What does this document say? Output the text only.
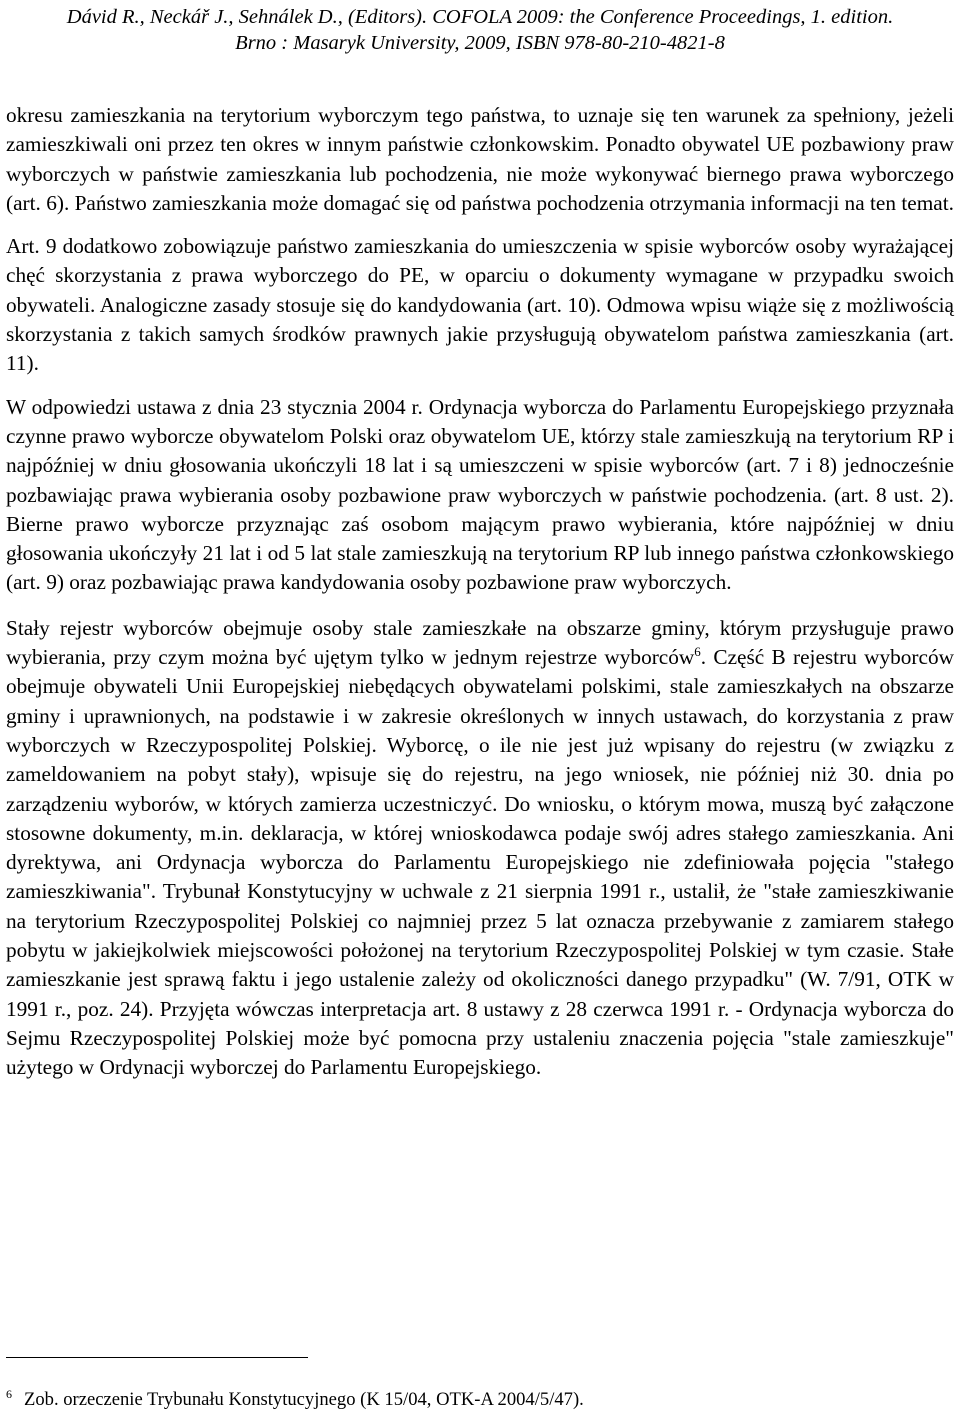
Dávid R., Neckář J., Sehnálek D., (Editors). COFOLA 2009: the Conference Proceedings, 1. edition.
Brno : Masaryk University, 2009, ISBN 978-80-210-4821-8

okresu zamieszkania na terytorium wyborczym tego państwa, to uznaje się ten warunek za spełniony, jeżeli zamieszkiwali oni przez ten okres w innym państwie członkowskim. Ponadto obywatel UE pozbawiony praw wyborczych w państwie zamieszkania lub pochodzenia, nie może wykonywać biernego prawa wyborczego (art. 6). Państwo zamieszkania może domagać się od państwa pochodzenia otrzymania informacji na ten temat.

Art. 9 dodatkowo zobowiązuje państwo zamieszkania do umieszczenia w spisie wyborców osoby wyrażającej chęć skorzystania z prawa wyborczego do PE, w oparciu o dokumenty wymagane w przypadku swoich obywateli. Analogiczne zasady stosuje się do kandydowania (art. 10). Odmowa wpisu wiąże się z możliwością skorzystania z takich samych środków prawnych jakie przysługują obywatelom państwa zamieszkania (art. 11).

W odpowiedzi ustawa z dnia 23 stycznia 2004 r. Ordynacja wyborcza do Parlamentu Europejskiego przyznała czynne prawo wyborcze obywatelom Polski oraz obywatelom UE, którzy stale zamieszkują na terytorium RP i najpóźniej w dniu głosowania ukończyli 18 lat i są umieszczeni w spisie wyborców (art. 7 i 8) jednocześnie pozbawiając prawa wybierania osoby pozbawione praw wyborczych w państwie pochodzenia. (art. 8 ust. 2). Bierne prawo wyborcze przyznając zaś osobom mającym prawo wybierania, które najpóźniej w dniu głosowania ukończyły 21 lat i od 5 lat stale zamieszkują na terytorium RP lub innego państwa członkowskiego (art. 9) oraz pozbawiając prawa kandydowania osoby pozbawione praw wyborczych.

Stały rejestr wyborców obejmuje osoby stale zamieszkałe na obszarze gminy, którym przysługuje prawo wybierania, przy czym można być ujętym tylko w jednym rejestrze wyborców$^6$. Część B rejestru wyborców obejmuje obywateli Unii Europejskiej niebędących obywatelami polskimi, stale zamieszkałych na obszarze gminy i uprawnionych, na podstawie i w zakresie określonych w innych ustawach, do korzystania z praw wyborczych w Rzeczypospolitej Polskiej. Wyborcę, o ile nie jest już wpisany do rejestru (w związku z zameldowaniem na pobyt stały), wpisuje się do rejestru, na jego wniosek, nie później niż 30. dnia po zarządzeniu wyborów, w których zamierza uczestniczyć. Do wniosku, o którym mowa, muszą być załączone stosowne dokumenty, m.in. deklaracja, w której wnioskodawca podaje swój adres stałego zamieszkania. Ani dyrektywa, ani Ordynacja wyborcza do Parlamentu Europejskiego nie zdefiniowała pojęcia "stałego zamieszkiwania". Trybunał Konstytucyjny w uchwale z 21 sierpnia 1991 r., ustalił, że "stałe zamieszkiwanie na terytorium Rzeczypospolitej Polskiej co najmniej przez 5 lat oznacza przebywanie z zamiarem stałego pobytu w jakiejkolwiek miejscowości położonej na terytorium Rzeczypospolitej Polskiej w tym czasie. Stałe zamieszkanie jest sprawą faktu i jego ustalenie zależy od okoliczności danego przypadku" (W. 7/91, OTK w 1991 r., poz. 24). Przyjęta wówczas interpretacja art. 8 ustawy z 28 czerwca 1991 r. - Ordynacja wyborcza do Sejmu Rzeczypospolitej Polskiej może być pomocna przy ustaleniu znaczenia pojęcia "stale zamieszkuje" użytego w Ordynacji wyborczej do Parlamentu Europejskiego.

$^6$ Zob. orzeczenie Trybunału Konstytucyjnego (K 15/04, OTK-A 2004/5/47).
